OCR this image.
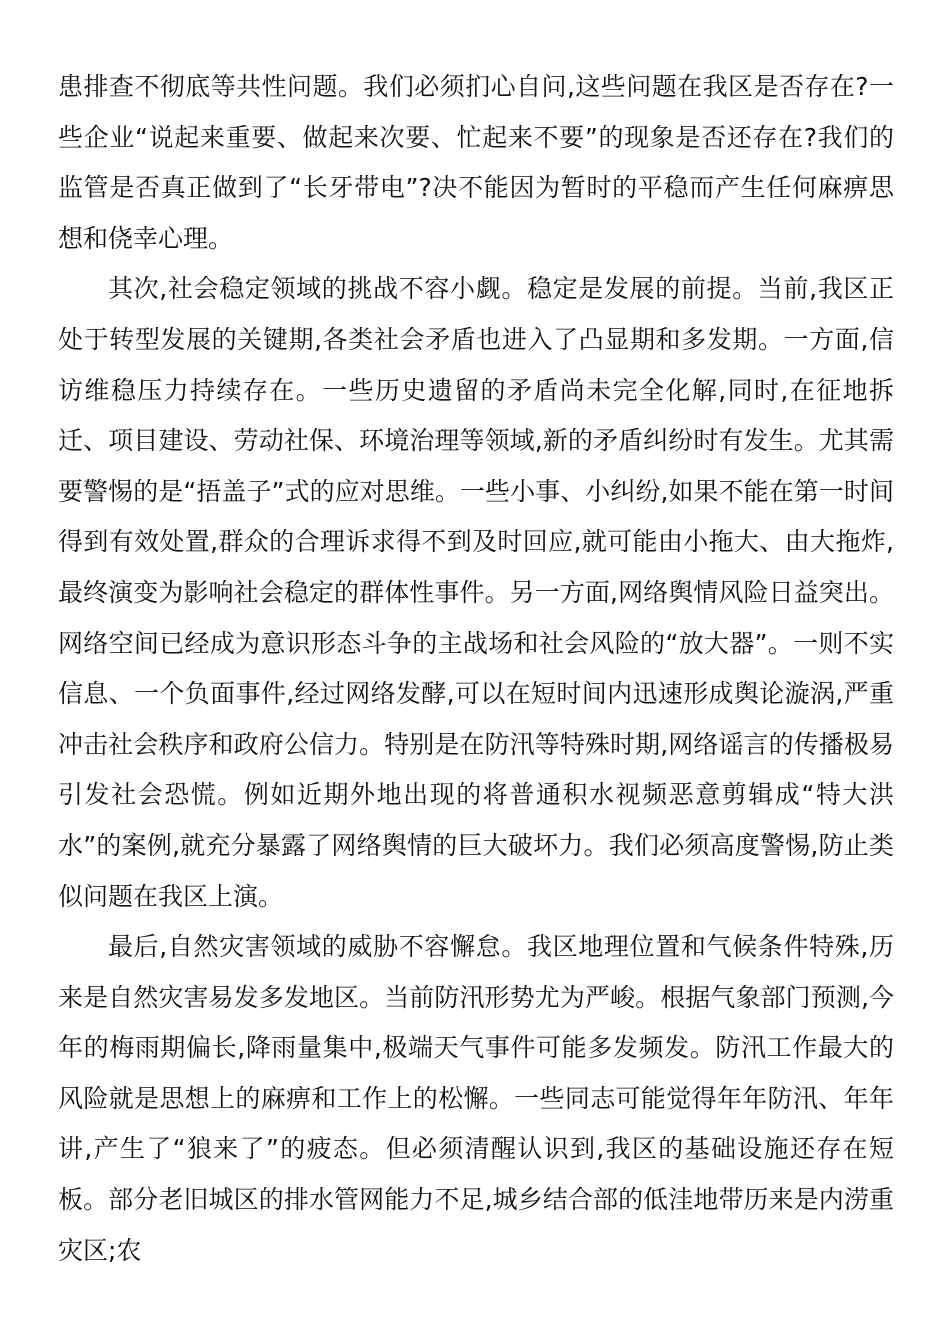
患排查不彻底等共性问题。我们必须扪心自问,这些问题在我区是否存在?一些企业“说起来重要、做起来次要、忙起来不要”的现象是否还存在?我们的监管是否真正做到了“长牙带电”?决不能因为暂时的平稳而产生任何麻痹思想和侥幸心理。

其次,社会稳定领域的挑战不容小觑。稳定是发展的前提。当前,我区正处于转型发展的关键期,各类社会矛盾也进入了凸显期和多发期。一方面,信访维稳压力持续存在。一些历史遗留的矛盾尚未完全化解,同时,在征地拆迁、项目建设、劳动社保、环境治理等领域,新的矛盾纠纷时有发生。尤其需要警惕的是“捂盖子”式的应对思维。一些小事、小纠纷,如果不能在第一时间得到有效处置,群众的合理诉求得不到及时回应,就可能由小拖大、由大拖炸,最终演变为影响社会稳定的群体性事件。另一方面,网络舆情风险日益突出。网络空间已经成为意识形态斗争的主战场和社会风险的“放大器”。一则不实信息、一个负面事件,经过网络发酵,可以在短时间内迅速形成舆论漩涡,严重冲击社会秩序和政府公信力。特别是在防汛等特殊时期,网络谣言的传播极易引发社会恐慌。例如近期外地出现的将普通积水视频恶意剪辑成“特大洪水”的案例,就充分暴露了网络舆情的巨大破坏力。我们必须高度警惕,防止类似问题在我区上演。

最后,自然灾害领域的威胁不容懈怠。我区地理位置和气候条件特殊,历来是自然灾害易发多发地区。当前防汛形势尤为严峻。根据气象部门预测,今年的梅雨期偏长,降雨量集中,极端天气事件可能多发频发。防汛工作最大的风险就是思想上的麻痹和工作上的松懈。一些同志可能觉得年年防汛、年年讲,产生了“狼来了”的疲态。但必须清醒认识到,我区的基础设施还存在短板。部分老旧城区的排水管网能力不足,城乡结合部的低洼地带历来是内涝重灾区;农
